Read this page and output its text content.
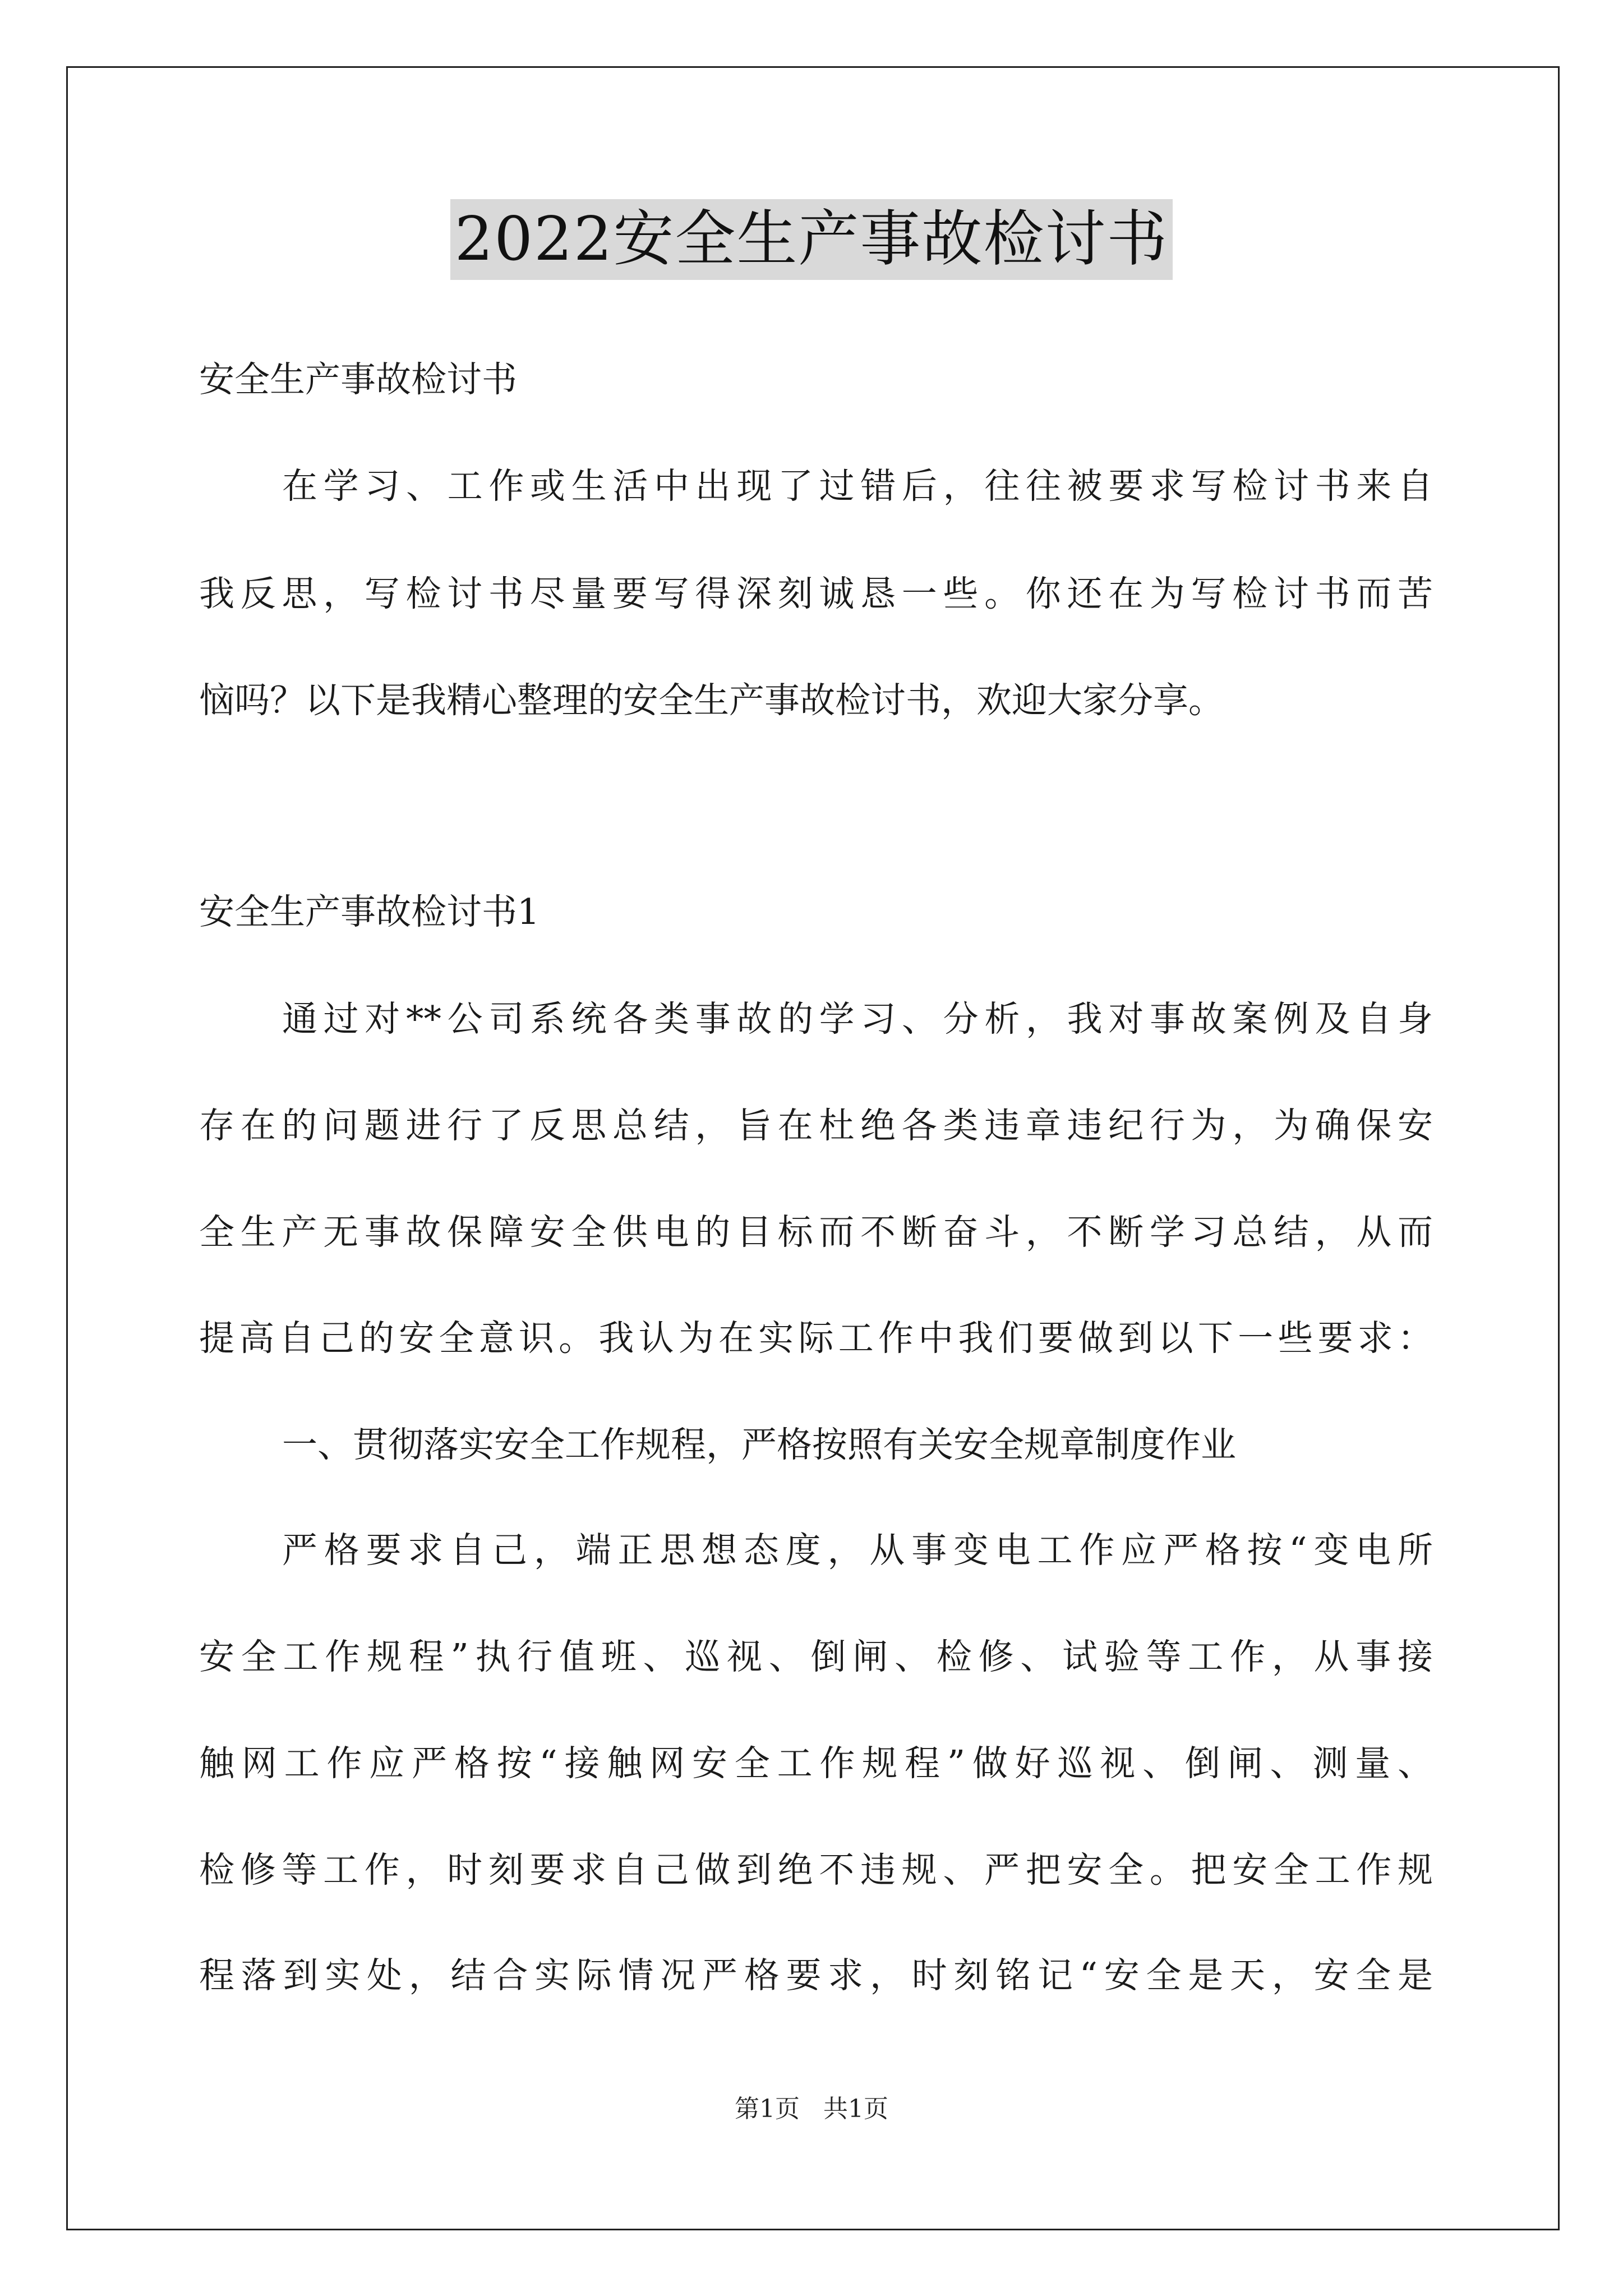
2022安全生产事故检讨书
安全生产事故检讨书
在学习、工作或生活中出现了过错后，往往被要求写检讨书来自
我反思，写检讨书尽量要写得深刻诚恳一些。你还在为写检讨书而苦
恼吗？以下是我精心整理的安全生产事故检讨书，欢迎大家分享。
安全生产事故检讨书1
通过对**公司系统各类事故的学习、分析，我对事故案例及自身
存在的问题进行了反思总结，旨在杜绝各类违章违纪行为，为确保安
全生产无事故保障安全供电的目标而不断奋斗，不断学习总结，从而
提高自己的安全意识。我认为在实际工作中我们要做到以下一些要求：
一、贯彻落实安全工作规程，严格按照有关安全规章制度作业
严格要求自己，端正思想态度，从事变电工作应严格按“变电所
安全工作规程”执行值班、巡视、倒闸、检修、试验等工作，从事接
触网工作应严格按“接触网安全工作规程”做好巡视、倒闸、测量、
检修等工作，时刻要求自己做到绝不违规、严把安全。把安全工作规
程落到实处，结合实际情况严格要求，时刻铭记“安全是天，安全是
第1页 共1页
